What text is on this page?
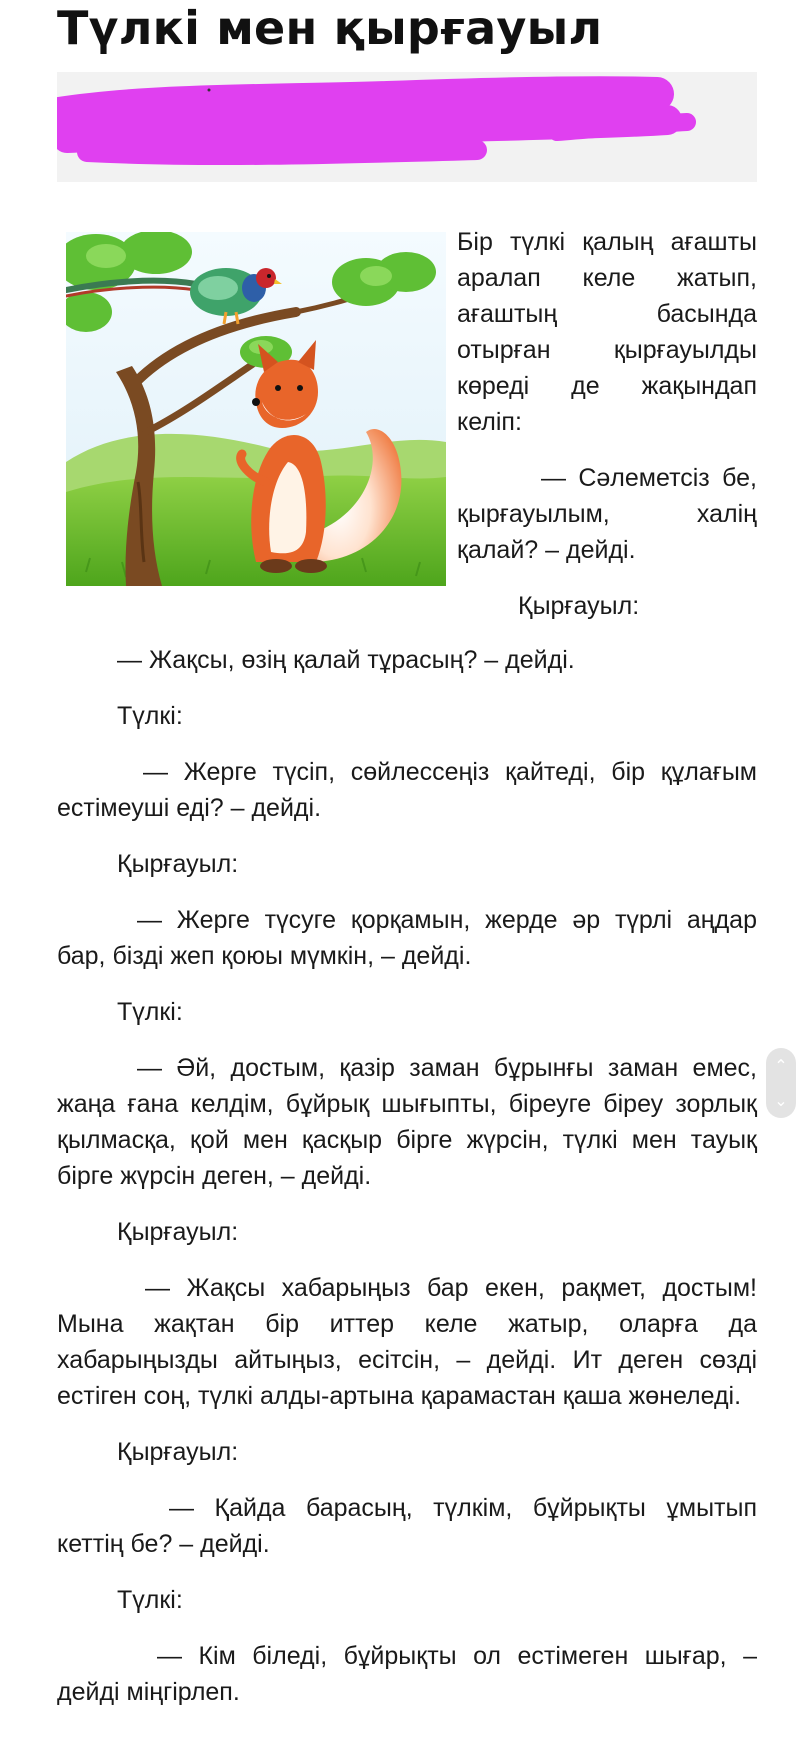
Түлкі мен қырғауыл

Бір түлкі қалың ағашты аралап келе жатып, ағаштың басында отырған қырғауылды көреді де жақындап келіп:

— Сәлеметсіз бе, қырғауылым, халің қалай? – дейді.

Қырғауыл:

— Жақсы, өзің қалай тұрасың? – дейді.

Түлкі:

— Жерге түсіп, сөйлессеңіз қайтеді, бір құлағым естімеуші еді? – дейді.

Қырғауыл:

— Жерге түсуге қорқамын, жерде әр түрлі аңдар бар, бізді жеп қоюы мүмкін, – дейді.

Түлкі:

— Әй, достым, қазір заман бұрынғы заман емес, жаңа ғана келдім, бұйрық шығыпты, біреуге біреу зорлық қылмасқа, қой мен қасқыр бірге жүрсін, түлкі мен тауық бірге жүрсін деген, – дейді.

Қырғауыл:

— Жақсы хабарыңыз бар екен, рақмет, достым! Мына жақтан бір иттер келе жатыр, оларға да хабарыңызды айтыңыз, есітсін, – дейді. Ит деген сөзді естіген соң, түлкі алды-артына қарамастан қаша жөнеледі.

Қырғауыл:

— Қайда барасың, түлкім, бұйрықты ұмытып кеттің бе? – дейді.

Түлкі:

— Кім біледі, бұйрықты ол естімеген шығар, – дейді міңгірлеп.

⌃
⌄
